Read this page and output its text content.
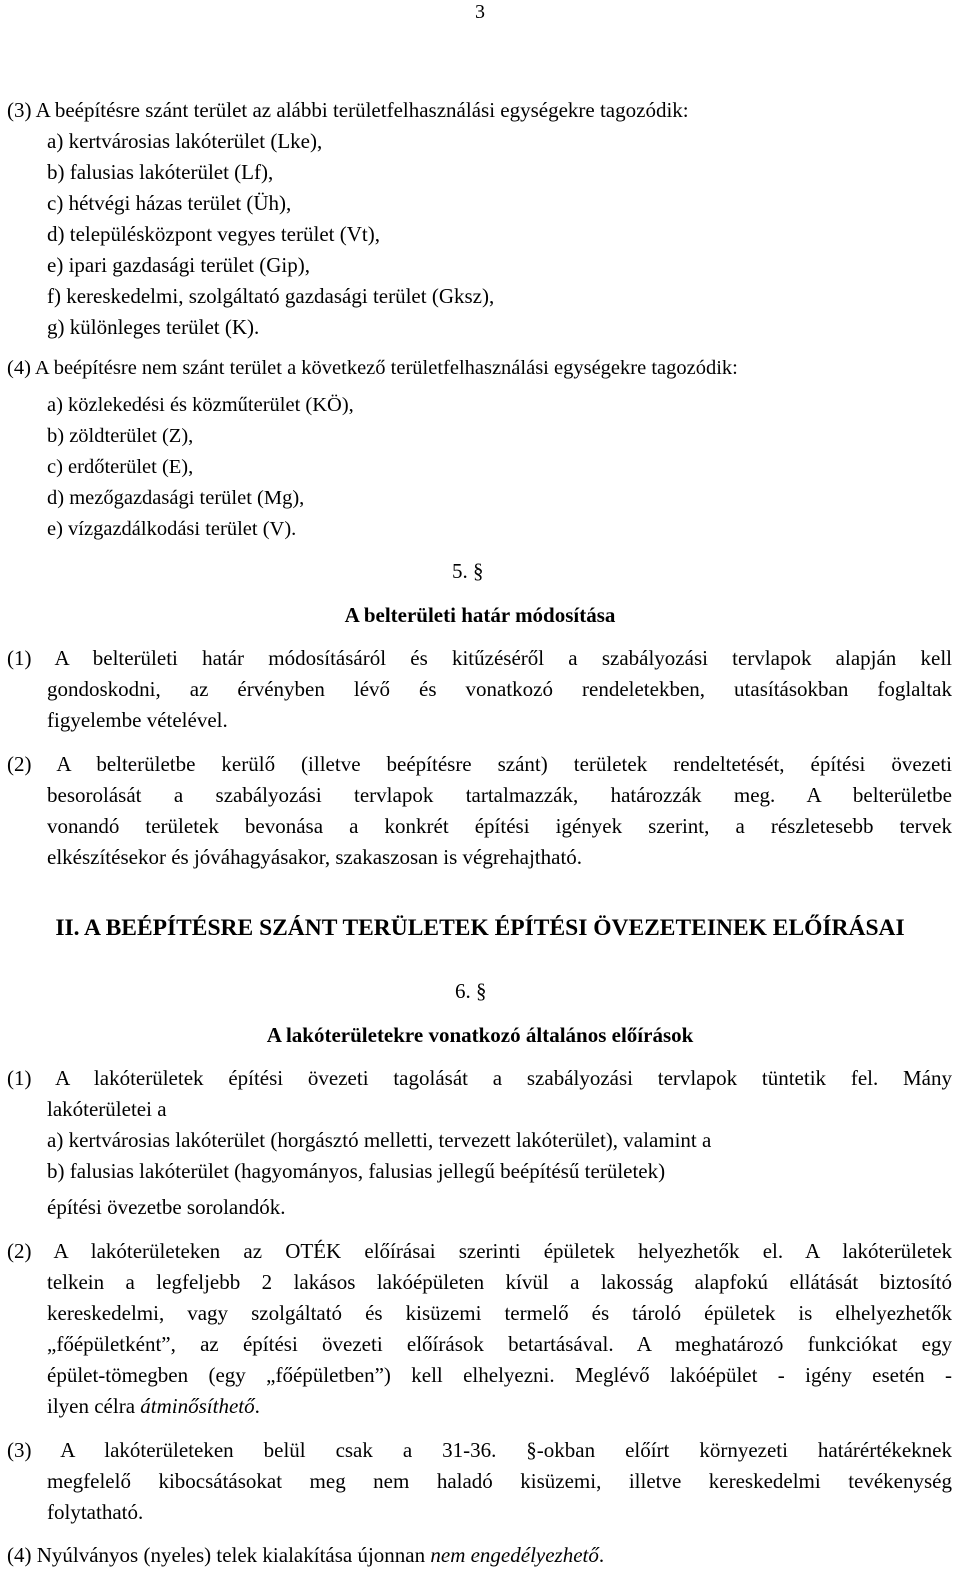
3
(3) A beépítésre szánt terület az alábbi területfelhasználási egységekre tagozódik:
a) kertvárosias lakóterület (Lke),
b) falusias lakóterület (Lf),
c) hétvégi házas terület (Üh),
d) településközpont vegyes terület (Vt),
e) ipari gazdasági terület (Gip),
f) kereskedelmi, szolgáltató gazdasági terület (Gksz),
g) különleges terület (K).
(4) A beépítésre nem szánt terület a következő területfelhasználási egységekre tagozódik:
a) közlekedési és közműterület (KÖ),
b) zöldterület (Z),
c) erdőterület (E),
d) mezőgazdasági terület (Mg),
e) vízgazdálkodási terület (V).
5. §
A belterületi határ módosítása
(1) A belterületi határ módosításáról és kitűzéséről a szabályozási tervlapok alapján kell
gondoskodni, az érvényben lévő és vonatkozó rendeletekben, utasításokban foglaltak
figyelembe vételével.
(2) A belterületbe kerülő (illetve beépítésre szánt) területek rendeltetését, építési övezeti
besorolását a szabályozási tervlapok tartalmazzák, határozzák meg. A belterületbe
vonandó területek bevonása a konkrét építési igények szerint, a részletesebb tervek
elkészítésekor és jóváhagyásakor, szakaszosan is végrehajtható.
II. A BEÉPÍTÉSRE SZÁNT TERÜLETEK ÉPÍTÉSI ÖVEZETEINEK ELŐÍRÁSAI
6. §
A lakóterületekre vonatkozó általános előírások
(1) A lakóterületek építési övezeti tagolását a szabályozási tervlapok tüntetik fel. Mány
lakóterületei a
a) kertvárosias lakóterület (horgásztó melletti, tervezett lakóterület), valamint a
b) falusias lakóterület (hagyományos, falusias jellegű beépítésű területek)
építési övezetbe sorolandók.
(2) A lakóterületeken az OTÉK előírásai szerinti épületek helyezhetők el. A lakóterületek
telkein a legfeljebb 2 lakásos lakóépületen kívül a lakosság alapfokú ellátását biztosító
kereskedelmi, vagy szolgáltató és kisüzemi termelő és tároló épületek is elhelyezhetők
„főépületként”, az építési övezeti előírások betartásával. A meghatározó funkciókat egy
épület-tömegben (egy „főépületben”) kell elhelyezni. Meglévő lakóépület - igény esetén -
ilyen célra átminősíthető.
(3) A lakóterületeken belül csak a 31-36. §-okban előírt környezeti határértékeknek
megfelelő kibocsátásokat meg nem haladó kisüzemi, illetve kereskedelmi tevékenység
folytatható.
(4) Nyúlványos (nyeles) telek kialakítása újonnan nem engedélyezhető.
